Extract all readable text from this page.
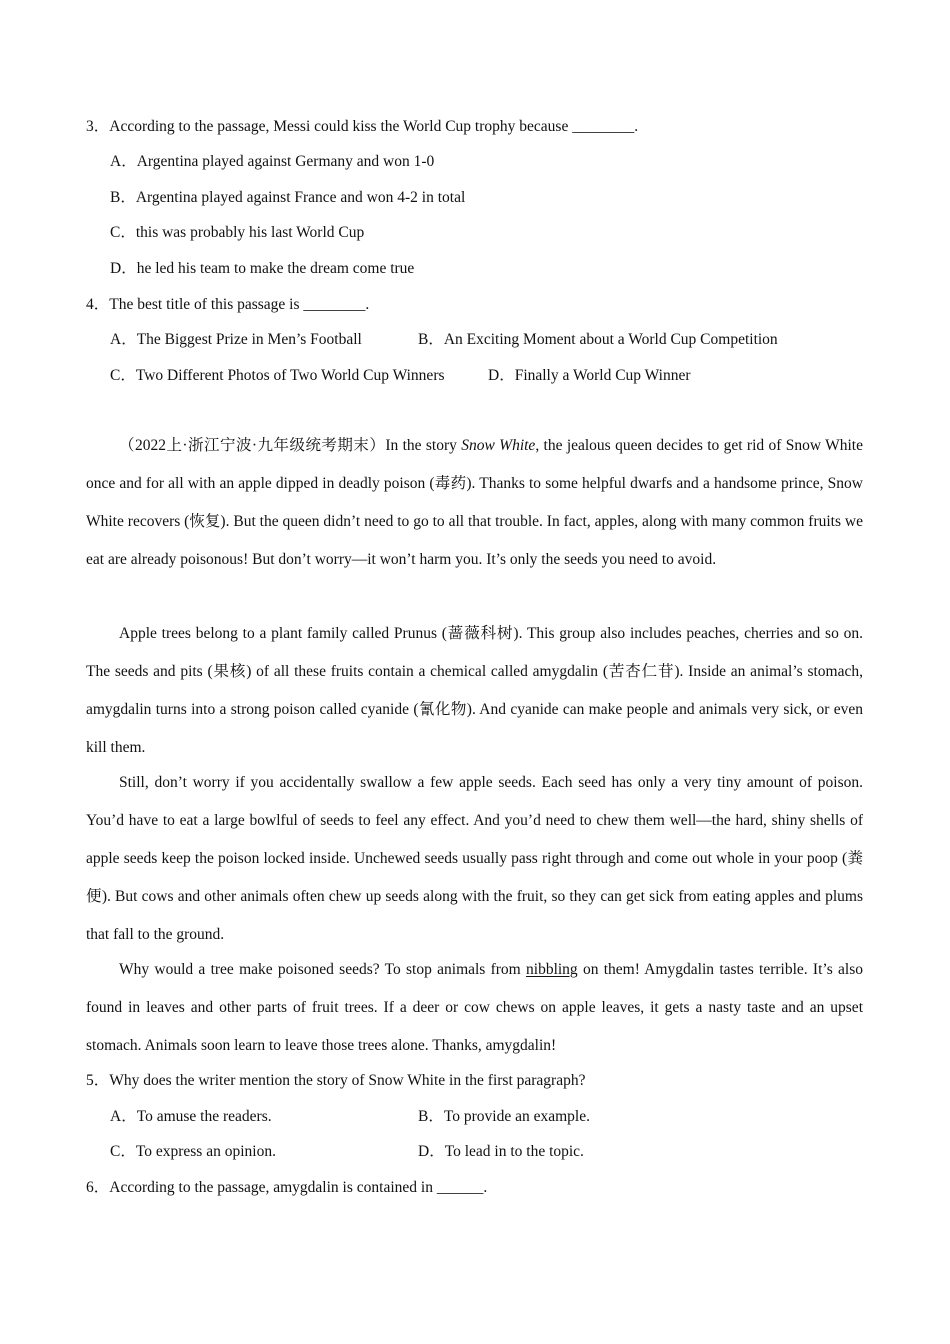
3．According to the passage, Messi could kiss the World Cup trophy because ________.
A．Argentina played against Germany and won 1-0
B．Argentina played against France and won 4-2 in total
C．this was probably his last World Cup
D．he led his team to make the dream come true
4．The best title of this passage is ________.
A．The Biggest Prize in Men’s Football	B．An Exciting Moment about a World Cup Competition
C．Two Different Photos of Two World Cup Winners	D．Finally a World Cup Winner

（2022上·浙江宁波·九年级统考期末）In the story Snow White, the jealous queen decides to get rid of Snow White once and for all with an apple dipped in deadly poison (毒药). Thanks to some helpful dwarfs and a handsome prince, Snow White recovers (恢复). But the queen didn’t need to go to all that trouble. In fact, apples, along with many common fruits we eat are already poisonous! But don’t worry—it won’t harm you. It’s only the seeds you need to avoid.

Apple trees belong to a plant family called Prunus (蔷薇科树). This group also includes peaches, cherries and so on. The seeds and pits (果核) of all these fruits contain a chemical called amygdalin (苦杏仁苷). Inside an animal’s stomach, amygdalin turns into a strong poison called cyanide (氰化物). And cyanide can make people and animals very sick, or even kill them.

Still, don’t worry if you accidentally swallow a few apple seeds. Each seed has only a very tiny amount of poison. You’d have to eat a large bowlful of seeds to feel any effect. And you’d need to chew them well—the hard, shiny shells of apple seeds keep the poison locked inside. Unchewed seeds usually pass right through and come out whole in your poop (粪便). But cows and other animals often chew up seeds along with the fruit, so they can get sick from eating apples and plums that fall to the ground.

Why would a tree make poisoned seeds? To stop animals from nibbling on them! Amygdalin tastes terrible. It’s also found in leaves and other parts of fruit trees. If a deer or cow chews on apple leaves, it gets a nasty taste and an upset stomach. Animals soon learn to leave those trees alone. Thanks, amygdalin!

5．Why does the writer mention the story of Snow White in the first paragraph?
A．To amuse the readers.	B．To provide an example.
C．To express an opinion.	D．To lead in to the topic.
6．According to the passage, amygdalin is contained in ______.
